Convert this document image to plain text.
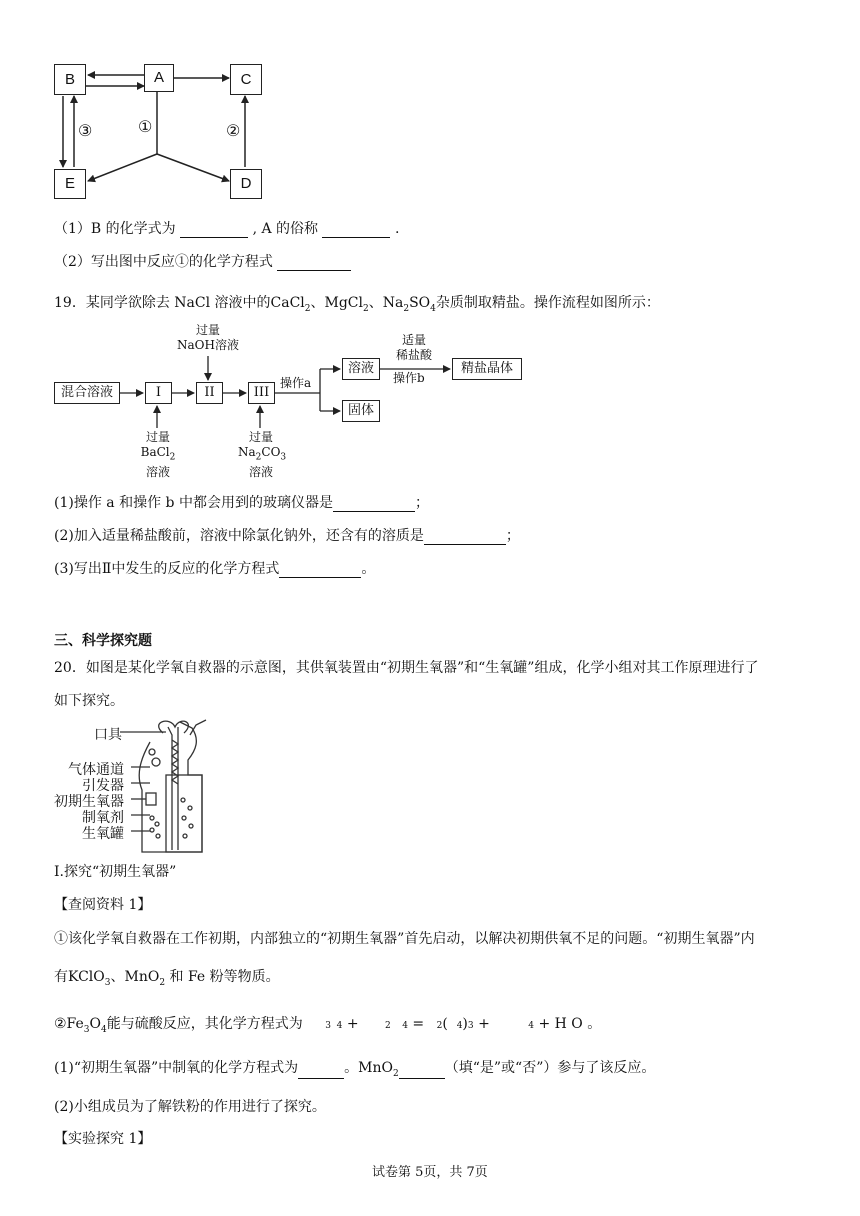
B	A	C
E	D
①	②
③
（1）B 的化学式为	, A 的俗称	.
（2）写出图中反应①的化学方程式
19．某同学欲除去 NaCl 溶液中的CaCl$_2$、MgCl$_2$、$Na_2SO_4$杂质制取精盐。操作流程如图所示：
混合溶液	I	II	III
溶液
固体
精盐晶体
操作a
过量
NaOH溶液	适量
稀盐酸
操作b
过量
BaCl$_2$
溶液
过量
$Na_2CO_3$
溶液
(1)操作 a 和操作 b 中都会用到的玻璃仪器是	；
(2)加入适量稀盐酸前，溶液中除氯化钠外，还含有的溶质是	；
(3)写出Ⅱ中发生的反应的化学方程式	。
三、科学探究题
20．如图是某化学氧自救器的示意图，其供氧装置由“初期生氧器”和“生氧罐”组成，化学小组对其工作原理进行了
如下探究。
口具
气体通道
引发器
初期生氧器
制氧剂
生氧罐
Ⅰ.探究“初期生氧器”
【查阅资料 1】
①该化学氧自救器在工作初期，内部独立的“初期生氧器”首先启动，以解决初期供氧不足的问题。“初期生氧器”内
有KClO$_3$、MnO$_2$ 和 Fe 粉等物质。
$②Fe_3O_4$能与硫酸反应，其化学方程式为 3  4 + 2    4 = 2(  4)3 +	4 + H O 。
(1)“初期生氧器”中制氧的化学方程式为	。MnO$_2$	（填“是”或“否”）参与了该反应。
(2)小组成员为了解铁粉的作用进行了探究。
【实验探究 1】
试卷第 5页，共 7页
